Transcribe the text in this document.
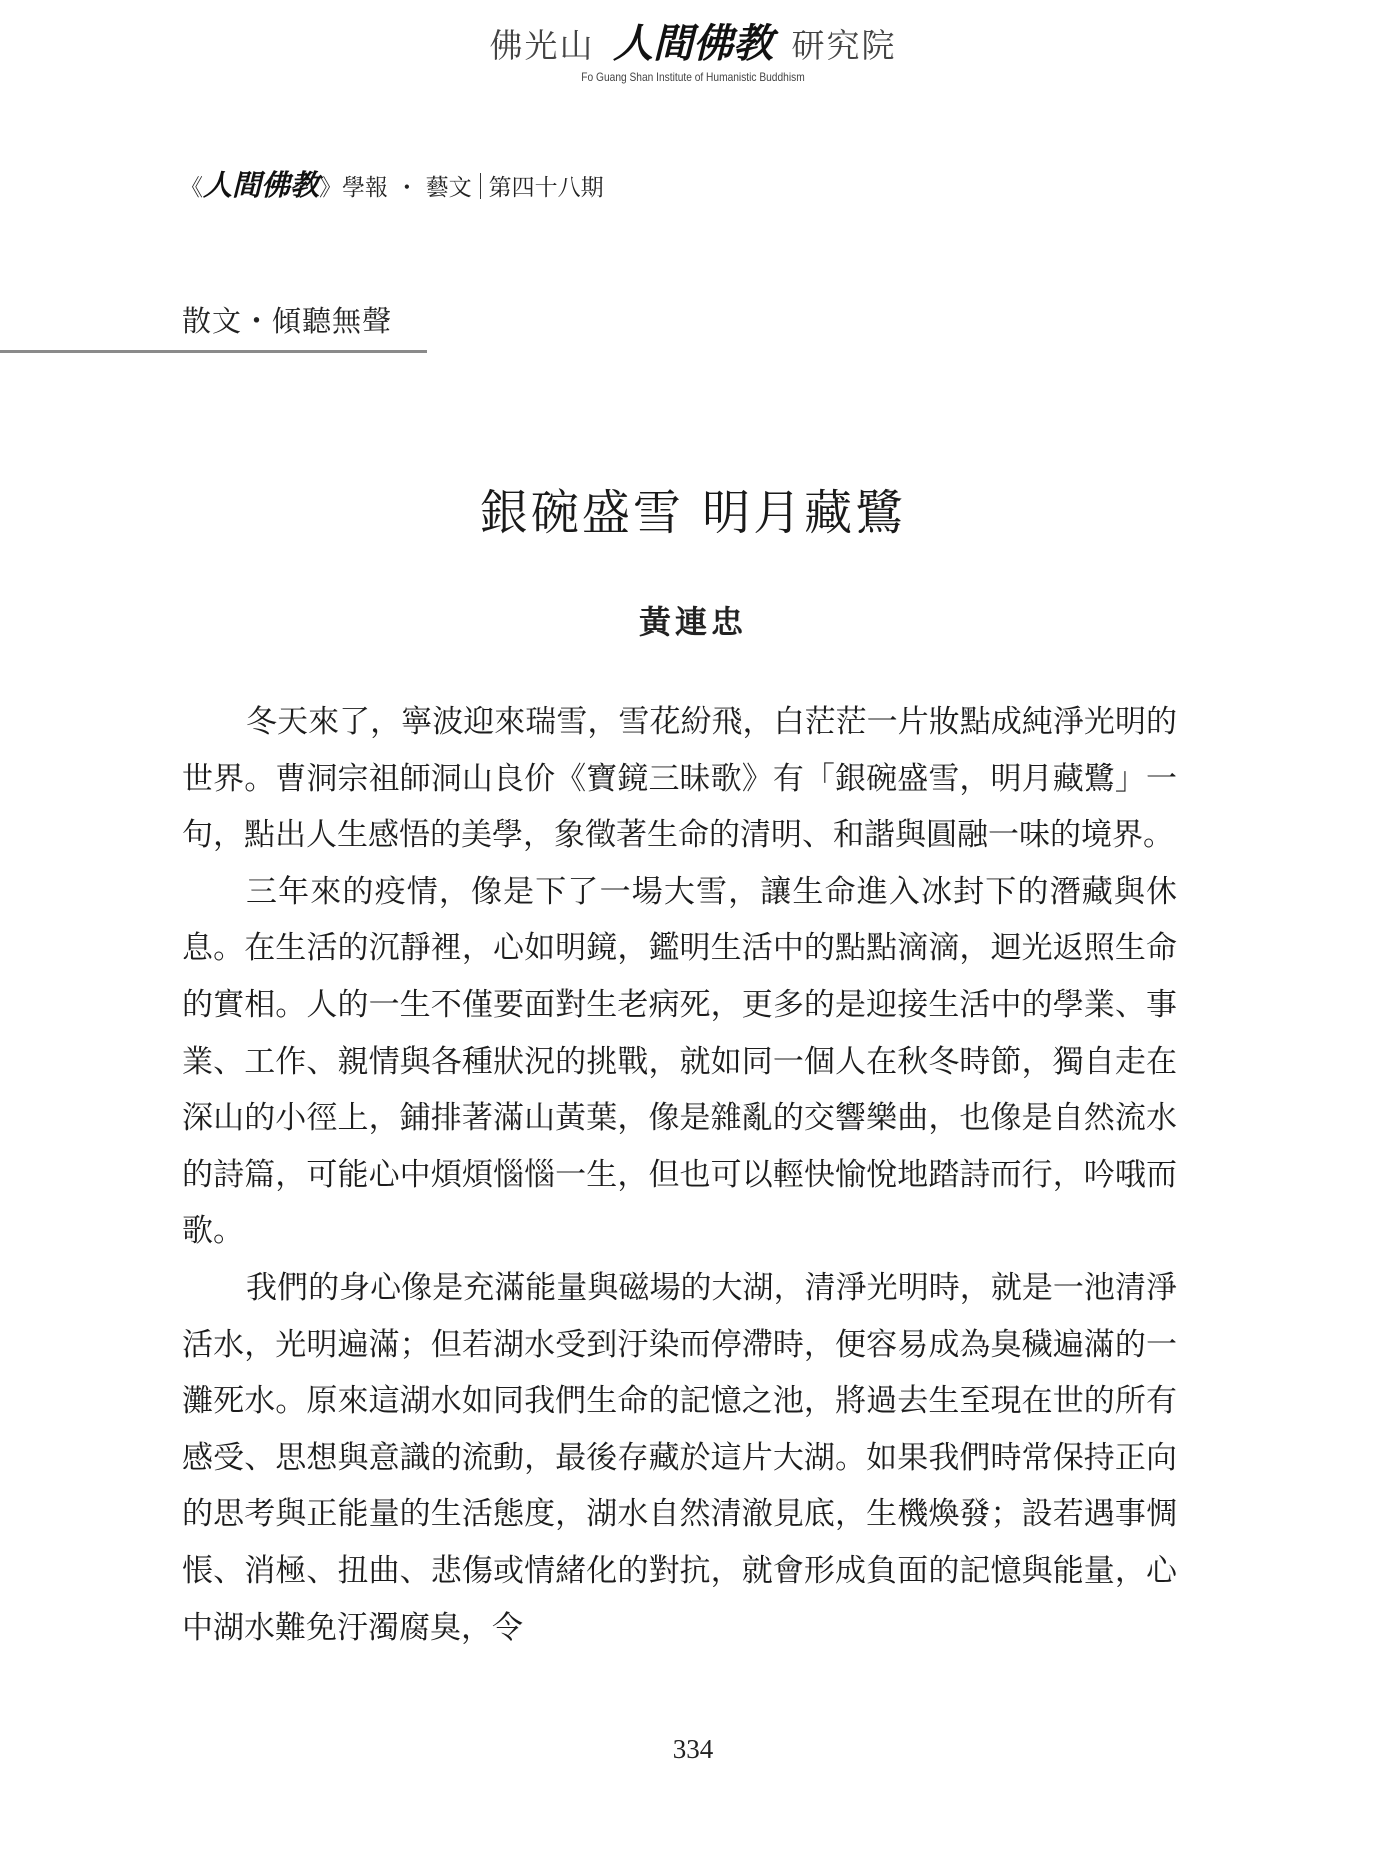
佛光山 人間佛教 研究院
Fo Guang Shan Institute of Humanistic Buddhism
《人間佛教》學報 ・ 藝文 第四十八期
散文・傾聽無聲
銀碗盛雪 明月藏鷺
黃連忠

冬天來了，寧波迎來瑞雪，雪花紛飛，白茫茫一片妝點成純淨光明的世界。曹洞宗祖師洞山良价《寶鏡三昧歌》有「銀碗盛雪，明月藏鷺」一句，點出人生感悟的美學，象徵著生命的清明、和諧與圓融一味的境界。

三年來的疫情，像是下了一場大雪，讓生命進入冰封下的潛藏與休息。在生活的沉靜裡，心如明鏡，鑑明生活中的點點滴滴，迴光返照生命的實相。人的一生不僅要面對生老病死，更多的是迎接生活中的學業、事業、工作、親情與各種狀況的挑戰，就如同一個人在秋冬時節，獨自走在深山的小徑上，鋪排著滿山黃葉，像是雜亂的交響樂曲，也像是自然流水的詩篇，可能心中煩煩惱惱一生，但也可以輕快愉悅地踏詩而行，吟哦而歌。

我們的身心像是充滿能量與磁場的大湖，清淨光明時，就是一池清淨活水，光明遍滿；但若湖水受到汙染而停滯時，便容易成為臭穢遍滿的一灘死水。原來這湖水如同我們生命的記憶之池，將過去生至現在世的所有感受、思想與意識的流動，最後存藏於這片大湖。如果我們時常保持正向的思考與正能量的生活態度，湖水自然清澈見底，生機煥發；設若遇事惆悵、消極、扭曲、悲傷或情緒化的對抗，就會形成負面的記憶與能量，心中湖水難免汙濁腐臭，令

334
